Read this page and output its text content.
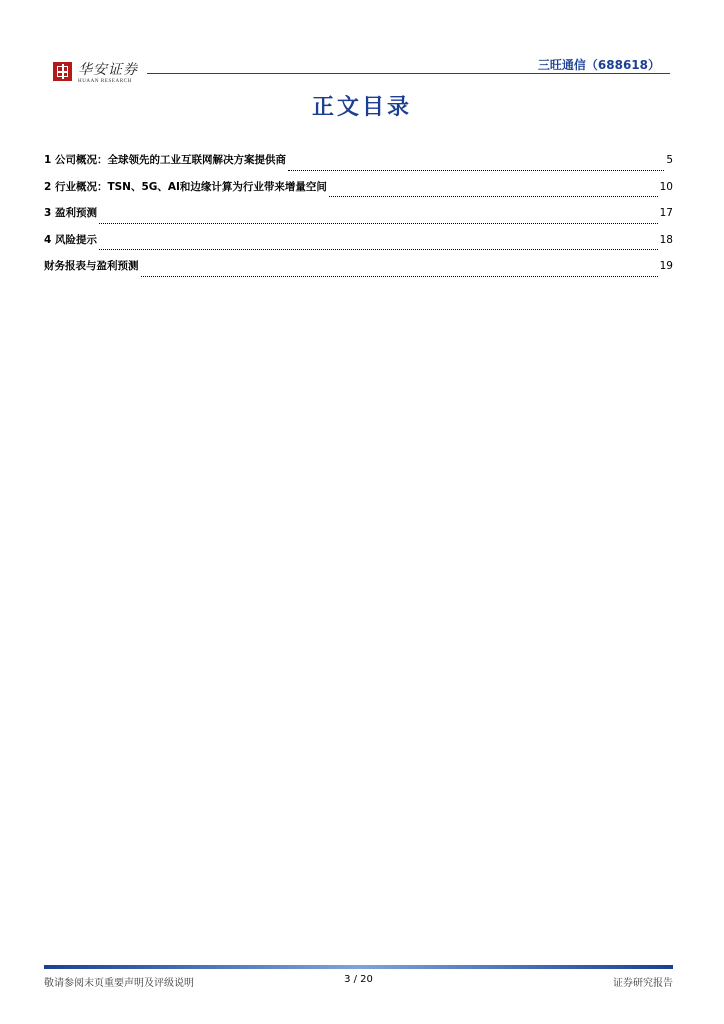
华安证券
HUAAN RESEARCH
三旺通信（688618）
正文目录
1 公司概况：全球领先的工业互联网解决方案提供商	5
2 行业概况：TSN、5G、AI和边缘计算为行业带来增量空间	10
3 盈利预测	17
4 风险提示	18
财务报表与盈利预测	19
敬请参阅末页重要声明及评级说明	3 / 20	证券研究报告
